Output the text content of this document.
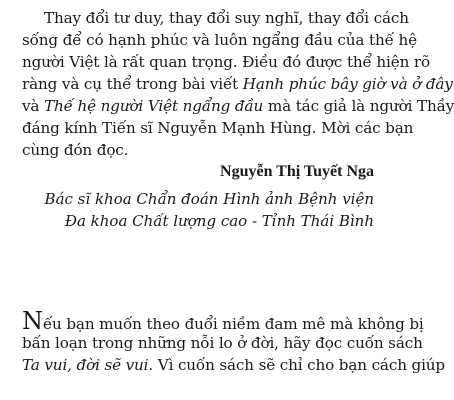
Thay đổi tư duy, thay đổi suy nghĩ, thay đổi cách
sống để có hạnh phúc và luôn ngẩng đầu của thế hệ
người Việt là rất quan trọng. Điều đó được thể hiện rõ
ràng và cụ thể trong bài viết Hạnh phúc bây giờ và ở đây
và Thế hệ người Việt ngẩng đầu mà tác giả là người Thầy
đáng kính Tiến sĩ Nguyễn Mạnh Hùng. Mời các bạn
cùng đón đọc.
Nguyễn Thị Tuyết Nga
Bác sĩ khoa Chẩn đoán Hình ảnh Bệnh viện
Đa khoa Chất lượng cao - Tỉnh Thái Bình
Nếu bạn muốn theo đuổi niềm đam mê mà không bị
bấn loạn trong những nỗi lo ở đời, hãy đọc cuốn sách
Ta vui, đời sẽ vui. Vì cuốn sách sẽ chỉ cho bạn cách giúp
